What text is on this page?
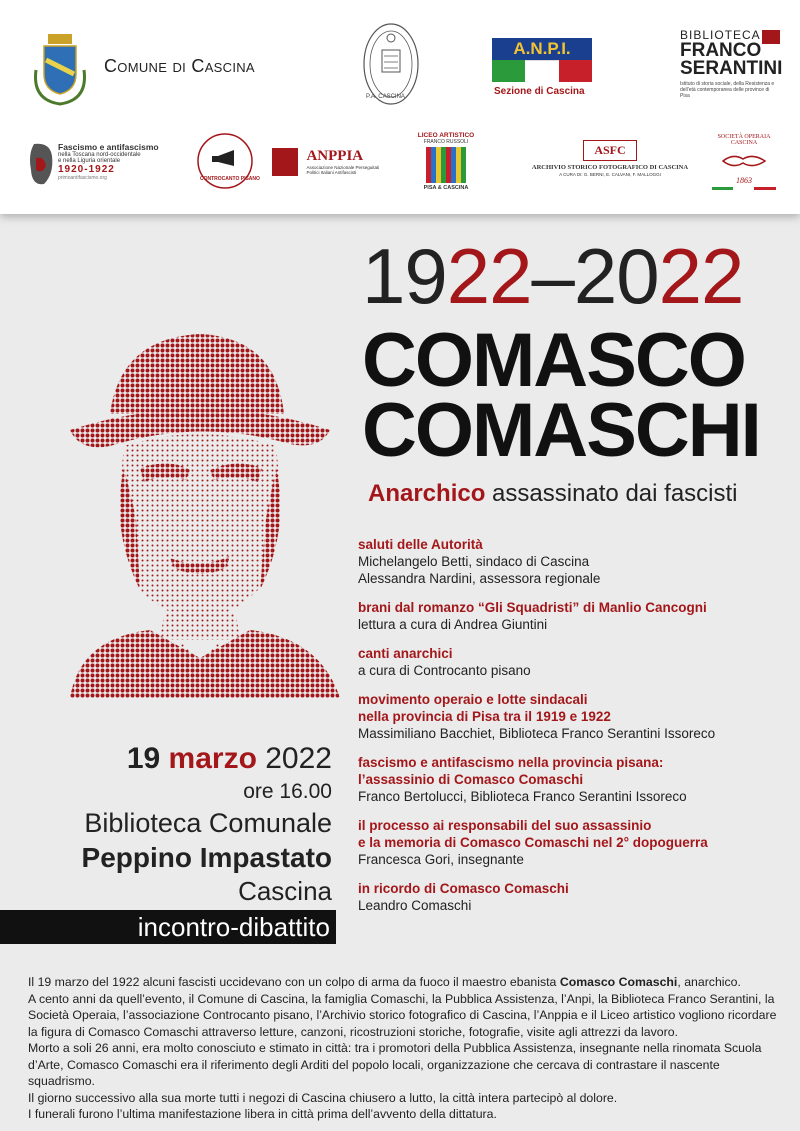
Comune di Cascina
P.A. CASCINA
A.N.P.I.
Sezione di Cascina
BIBLIOTECA
FRANCO
SERANTINI
Istituto di storia sociale, della Resistenza e dell'età contemporanea delle province di Pisa
Fascismo e antifascismo
nella Toscana nord-occidentale
e nella Liguria orientale
1920-1922
primoantifascismo.org	CONTROCANTO PISANO

ANPPIA
Associazione Nazionale Perseguitati Politici Italiani Antifascisti
LICEO ARTISTICO
FRANCO RUSSOLI
PISA & CASCINA
ASFC
ARCHIVIO STORICO FOTOGRAFICO DI CASCINA
A CURA DI: G. BERNI, E. CALVANI, F. MALLOGGI
SOCIETÀ OPERAIA CASCINA
1863
1922–2022
COMASCO
COMASCHI
Anarchico assassinato dai fascisti
saluti delle Autorità
Michelangelo Betti, sindaco di Cascina
Alessandra Nardini, assessora regionale
brani dal romanzo “Gli Squadristi” di Manlio Cancogni
lettura a cura di Andrea Giuntini
canti anarchici
a cura di Controcanto pisano
movimento operaio e lotte sindacali
nella provincia di Pisa tra il 1919 e 1922
Massimiliano Bacchiet, Biblioteca Franco Serantini Issoreco
fascismo e antifascismo nella provincia pisana:
l’assassinio di Comasco Comaschi
Franco Bertolucci, Biblioteca Franco Serantini Issoreco
il processo ai responsabili del suo assassinio
e la memoria di Comasco Comaschi nel 2° dopoguerra
Francesca Gori, insegnante
in ricordo di Comasco Comaschi
Leandro Comaschi
19 marzo 2022
ore 16.00
Biblioteca Comunale
Peppino Impastato
Cascina
incontro-dibattito

Il 19 marzo del 1922 alcuni fascisti uccidevano con un colpo di arma da fuoco il maestro ebanista Comasco Comaschi, anarchico.

A cento anni da quell’evento, il Comune di Cascina, la famiglia Comaschi, la Pubblica Assistenza, l’Anpi, la Biblioteca Franco Serantini, la Società Operaia, l’associazione Controcanto pisano, l’Archivio storico fotografico di Cascina, l’Anppia e il Liceo artistico vogliono ricordare la figura di Comasco Comaschi attraverso letture, canzoni, ricostruzioni storiche, fotografie, visite agli attrezzi da lavoro.

Morto a soli 26 anni, era molto conosciuto e stimato in città: tra i promotori della Pubblica Assistenza, insegnante nella rinomata Scuola d’Arte, Comasco Comaschi era il riferimento degli Arditi del popolo locali, organizzazione che cercava di contrastare il nascente squadrismo.

Il giorno successivo alla sua morte tutti i negozi di Cascina chiusero a lutto, la città intera partecipò al dolore.

I funerali furono l’ultima manifestazione libera in città prima dell’avvento della dittatura.
